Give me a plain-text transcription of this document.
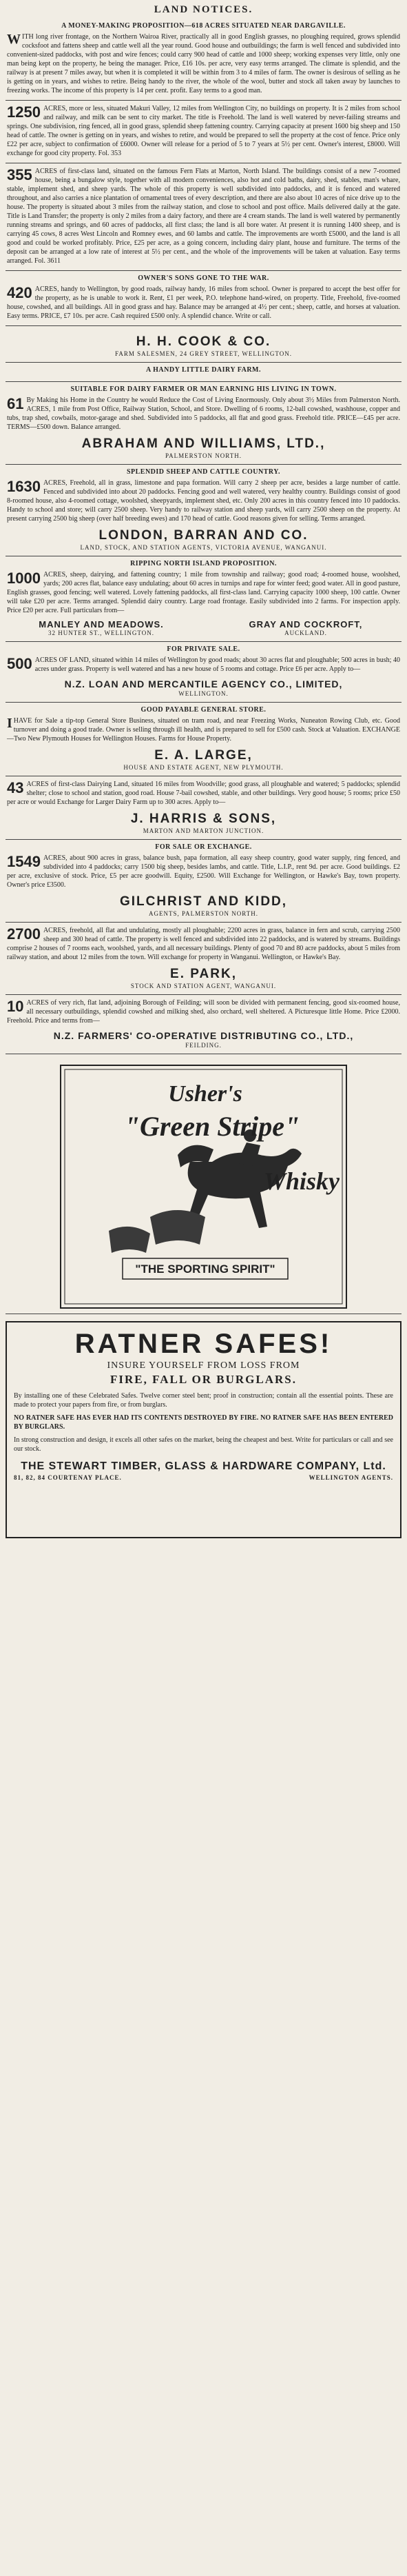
LAND NOTICES.
A MONEY-MAKING PROPOSITION—618 ACRES SITUATED NEAR DARGAVILLE.
WITH long river frontage, on the Northern Wairoa River, practically all in good English grasses, no ploughing required, grows splendid cocksfoot and fattens sheep and cattle well all the year round. Good house and outbuildings; the farm is well fenced and subdivided into convenient-sized paddocks, with post and wire fences; could carry 900 head of cattle and 1000 sheep; working expenses very little, only one man being kept on the property, he being the manager. Price, £16 10s. per acre, very easy terms arranged. The climate is splendid, and the railway is at present 7 miles away, but when it is completed it will be within from 3 to 4 miles of farm. The owner is desirous of selling as he is getting on in years, and wishes to retire. Being handy to the river, the whole of the wool, butter and stock all taken away by launches to freezing works. The income of this property is 14 per cent. profit. Easy terms to a good man.
1250 ACRES, more or less, situated Makuri Valley, 12 miles from Wellington City, no buildings on property. It is 2 miles from school and railway, and milk can be sent to city market. The title is Freehold. The land is well watered by never-failing streams and springs. One subdivision, ring fenced, all in good grass, splendid sheep fattening country. Carrying capacity at present 1600 big sheep and 150 head of cattle. The owner is getting on in years, and wishes to retire, and would be prepared to sell the property at the cost of fence. Price only £22 per acre, subject to confirmation of £6000. Owner will release for a period of 5 to 7 years at 5½ per cent. Owner's interest, £8000. Will exchange for good city property. Fol. 353
355 ACRES of first-class land, situated on the famous Fern Flats at Marton, North Island. The buildings consist of a new 7-roomed house, being a bungalow style, together with all modern conveniences, also hot and cold baths, dairy, shed, stables, man's whare, stable, implement shed, and sheep yards. The whole of this property is well subdivided into paddocks, and it is fenced and watered throughout, and also carries a nice plantation of ornamental trees of every description, and there are also about 10 acres of nice drive up to the house. The property is situated about 3 miles from the railway station, and close to school and post office. Mails delivered daily at the gate. Title is Land Transfer; the property is only 2 miles from a dairy factory, and there are 4 cream stands. The land is well watered by permanently running streams and springs, and 60 acres of paddocks, all first class; the land is all bore water. At present it is running 1400 sheep, and is carrying 45 cows, 8 acres West Lincoln and Romney ewes, and 60 lambs and cattle. The improvements are worth £5000, and the land is all good and could be worked profitably. Price, £25 per acre, as a going concern, including dairy plant, house and furniture. The terms of the deposit can be arranged at a low rate of interest at 5½ per cent., and the whole of the improvements will be taken at valuation. Easy terms arranged. Fol. 3611
OWNER'S SONS GONE TO THE WAR.
420 ACRES, handy to Wellington, by good roads, railway handy, 16 miles from school. Owner is prepared to accept the best offer for the property, as he is unable to work it. Rent, £1 per week, P.O. telephone hand-wired, on property. Title, Freehold, five-roomed house, cowshed, and all buildings. All in good grass and hay. Balance may be arranged at 4½ per cent.; sheep, cattle, and horses at valuation. Easy terms. PRICE, £7 10s. per acre. Cash required £500 only. A splendid chance. Write or call.
H. H. COOK & CO.
FARM SALESMEN, 24 GREY STREET, WELLINGTON.
A HANDY LITTLE DAIRY FARM.
SUITABLE FOR DAIRY FARMER OR MAN EARNING HIS LIVING IN TOWN.
61 By Making his Home in the Country he would Reduce the Cost of Living Enormously. Only about 3½ Miles from Palmerston North. ACRES, 1 mile from Post Office, Railway Station, School, and Store. Dwelling of 6 rooms, 12-ball cowshed, washhouse, copper and tubs, trap shed, cowbails, motor-garage and shed. Subdivided into 5 paddocks, all flat and good grass. Freehold title. PRICE—£45 per acre. TERMS—£500 down. Balance arranged.
ABRAHAM AND WILLIAMS, LTD.,
PALMERSTON NORTH.
SPLENDID SHEEP AND CATTLE COUNTRY.
1630 ACRES, Freehold, all in grass, limestone and papa formation. Will carry 2 sheep per acre, besides a large number of cattle. Fenced and subdivided into about 20 paddocks. Fencing good and well watered, very healthy country. Buildings consist of good 8-roomed house, also 4-roomed cottage, woolshed, sheepyards, implement shed, etc. Only 200 acres in this country fenced into 10 paddocks. Handy to school and store; will carry 2500 sheep. Very handy to railway station and sheep yards, will carry 2500 sheep on the property. At present carrying 2500 big sheep (over half breeding ewes) and 170 head of cattle. Good reasons given for selling. Terms arranged.
LONDON, BARRAN AND CO.
LAND, STOCK, AND STATION AGENTS, VICTORIA AVENUE, WANGANUI.
RIPPING NORTH ISLAND PROPOSITION.
1000 ACRES, sheep, dairying, and fattening country; 1 mile from township and railway; good road; 4-roomed house, woolshed, yards; 200 acres flat, balance easy undulating; about 60 acres in turnips and rape for winter feed; good water. All in good pasture, English grasses, good fencing; well watered. Lovely fattening paddocks, all first-class land. Carrying capacity 1000 sheep, 100 cattle. Owner will take £20 per acre. Terms arranged. Splendid dairy country. Large road frontage. Easily subdivided into 2 farms. For inspection apply. Price £20 per acre. Full particulars from—
MANLEY AND MEADOWS.
32 HUNTER ST., WELLINGTON.
GRAY AND COCKROFT,
AUCKLAND.
FOR PRIVATE SALE.
500 ACRES OF LAND, situated within 14 miles of Wellington by good roads; about 30 acres flat and ploughable; 500 acres in bush; 40 acres under grass. Property is well watered and has a new house of 5 rooms and cottage. Price £6 per acre. Apply to—
N.Z. LOAN AND MERCANTILE AGENCY CO., LIMITED,
WELLINGTON.
GOOD PAYABLE GENERAL STORE.
IHAVE for Sale a tip-top General Store Business, situated on tram road, and near Freezing Works, Nuneaton Rowing Club, etc. Good turnover and doing a good trade. Owner is selling through ill health, and is prepared to sell for £500 cash. Stock at Valuation. EXCHANGE—Two New Plymouth Houses for Wellington Houses. Farms for House Property.
E. A. LARGE,
HOUSE AND ESTATE AGENT, NEW PLYMOUTH.
43 ACRES of first-class Dairying Land, situated 16 miles from Woodville; good grass, all ploughable and watered; 5 paddocks; splendid shelter; close to school and station, good road. House 7-bail cowshed, stable, and other buildings. Very good house; 5 rooms; price £50 per acre or would Exchange for Larger Dairy Farm up to 300 acres. Apply to—
J. HARRIS & SONS,
MARTON AND MARTON JUNCTION.
FOR SALE OR EXCHANGE.
1549 ACRES, about 900 acres in grass, balance bush, papa formation, all easy sheep country, good water supply, ring fenced, and subdivided into 4 paddocks; carry 1500 big sheep, besides lambs, and cattle. Title, L.I.P., rent 9d. per acre. Good buildings. £2 per acre, exclusive of stock. Price, £5 per acre goodwill. Equity, £2500. Will Exchange for Wellington, or Hawke's Bay, town property. Owner's price £3500.
GILCHRIST AND KIDD,
AGENTS, PALMERSTON NORTH.
2700 ACRES, freehold, all flat and undulating, mostly all ploughable; 2200 acres in grass, balance in fern and scrub, carrying 2500 sheep and 300 head of cattle. The property is well fenced and subdivided into 22 paddocks, and is watered by streams. Buildings comprise 2 houses of 7 rooms each, woolshed, yards, and all necessary buildings. Plenty of good 70 and 80 acre paddocks, about 5 miles from railway station, and about 12 miles from the town. Will exchange for property in Wanganui. Wellington, or Hawke's Bay.
E. PARK,
STOCK AND STATION AGENT, WANGANUI.
10 ACRES of very rich, flat land, adjoining Borough of Feilding; will soon be divided with permanent fencing, good six-roomed house, all necessary outbuildings, splendid cowshed and milking shed, also orchard, well sheltered. A Picturesque little Home. Price £2000. Freehold. Price and terms from—
N.Z. FARMERS' CO-OPERATIVE DISTRIBUTING CO., LTD.,
FEILDING.
Usher's
"Green Stripe"
Whisky
"THE SPORTING SPIRIT"
RATNER SAFES!
INSURE YOURSELF FROM LOSS FROM
FIRE, FALL OR BURGLARS.
By installing one of these Celebrated Safes. Twelve corner steel bent; proof in construction; contain all the essential points. These are made to protect your papers from fire, or from burglars.
NO RATNER SAFE HAS EVER HAD ITS CONTENTS DESTROYED BY FIRE. NO RATNER SAFE HAS BEEN ENTERED BY BURGLARS.
In strong construction and design, it excels all other safes on the market, being the cheapest and best. Write for particulars or call and see our stock.
THE STEWART TIMBER, GLASS & HARDWARE COMPANY, Ltd.
81, 82, 84 COURTENAY PLACE.	WELLINGTON AGENTS.
